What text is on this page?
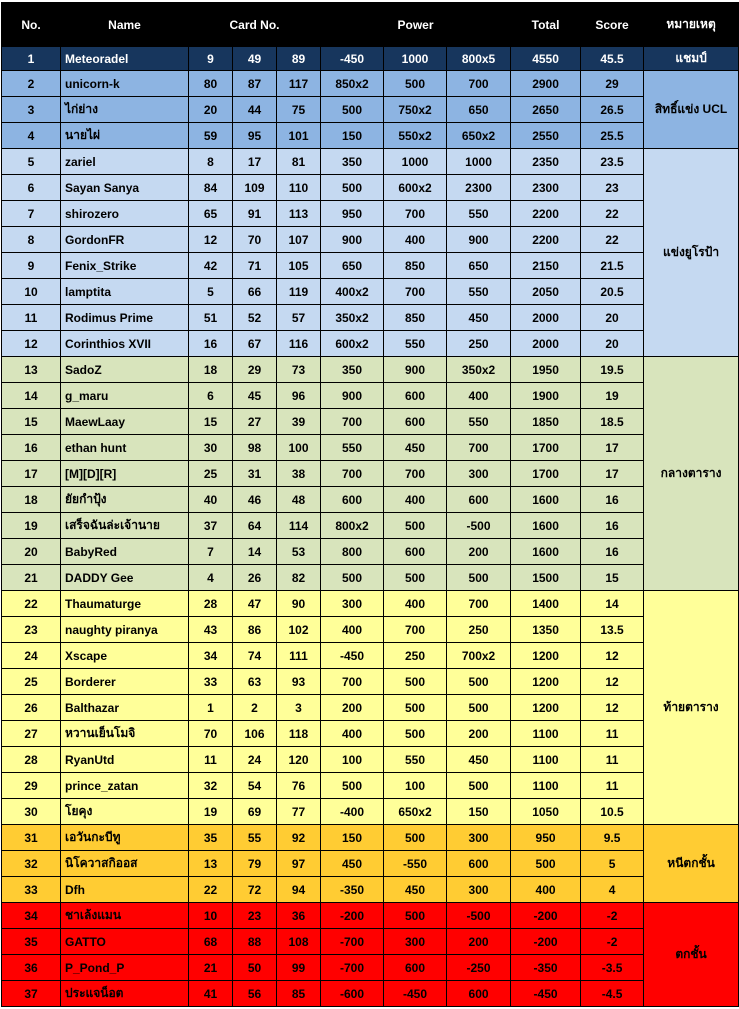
No.	Name	Card No.			Power			Total	Score	หมายเหตุ
1	Meteoradel	9	49	89	-450	1000	800x5	4550	45.5	แชมป์
2	unicorn-k	80	87	117	850x2	500	700	2900	29	สิทธิ์แข่ง UCL
3	ไก่ย่าง	20	44	75	500	750x2	650	2650	26.5	
4	นายไผ่	59	95	101	150	550x2	650x2	2550	25.5	
5	zariel	8	17	81	350	1000	1000	2350	23.5	แข่งยูโรป้า
6	Sayan Sanya	84	109	110	500	600x2	2300	2300	23	
7	shirozero	65	91	113	950	700	550	2200	22	
8	GordonFR	12	70	107	900	400	900	2200	22	
9	Fenix_Strike	42	71	105	650	850	650	2150	21.5	
10	lamptita	5	66	119	400x2	700	550	2050	20.5	
11	Rodimus Prime	51	52	57	350x2	850	450	2000	20	
12	Corinthios XVII	16	67	116	600x2	550	250	2000	20	
13	SadoZ	18	29	73	350	900	350x2	1950	19.5	กลางตาราง
14	g_maru	6	45	96	900	600	400	1900	19	
15	MaewLaay	15	27	39	700	600	550	1850	18.5	
16	ethan hunt	30	98	100	550	450	700	1700	17	
17	[M][D][R]	25	31	38	700	700	300	1700	17	
18	ยัยกำปุ้ง	40	46	48	600	400	600	1600	16	
19	เสร็จฉันล่ะเจ้านาย	37	64	114	800x2	500	-500	1600	16	
20	BabyRed	7	14	53	800	600	200	1600	16	
21	DADDY Gee	4	26	82	500	500	500	1500	15	
22	Thaumaturge	28	47	90	300	400	700	1400	14	ท้ายตาราง
23	naughty piranya	43	86	102	400	700	250	1350	13.5	
24	Xscape	34	74	111	-450	250	700x2	1200	12	
25	Borderer	33	63	93	700	500	500	1200	12	
26	Balthazar	1	2	3	200	500	500	1200	12	
27	หวานเย็นโมจิ	70	106	118	400	500	200	1100	11	
28	RyanUtd	11	24	120	100	550	450	1100	11	
29	prince_zatan	32	54	76	500	100	500	1100	11	
30	โยคุง	19	69	77	-400	650x2	150	1050	10.5	
31	เอวันกะบีทู	35	55	92	150	500	300	950	9.5	หนีตกชั้น
32	นิโควาสกิออส	13	79	97	450	-550	600	500	5	
33	Dfh	22	72	94	-350	450	300	400	4	
34	ชาเล้งแมน	10	23	36	-200	500	-500	-200	-2	ตกชั้น
35	GATTO	68	88	108	-700	300	200	-200	-2	
36	P_Pond_P	21	50	99	-700	600	-250	-350	-3.5	
37	ประแจน็อต	41	56	85	-600	-450	600	-450	-4.5	
